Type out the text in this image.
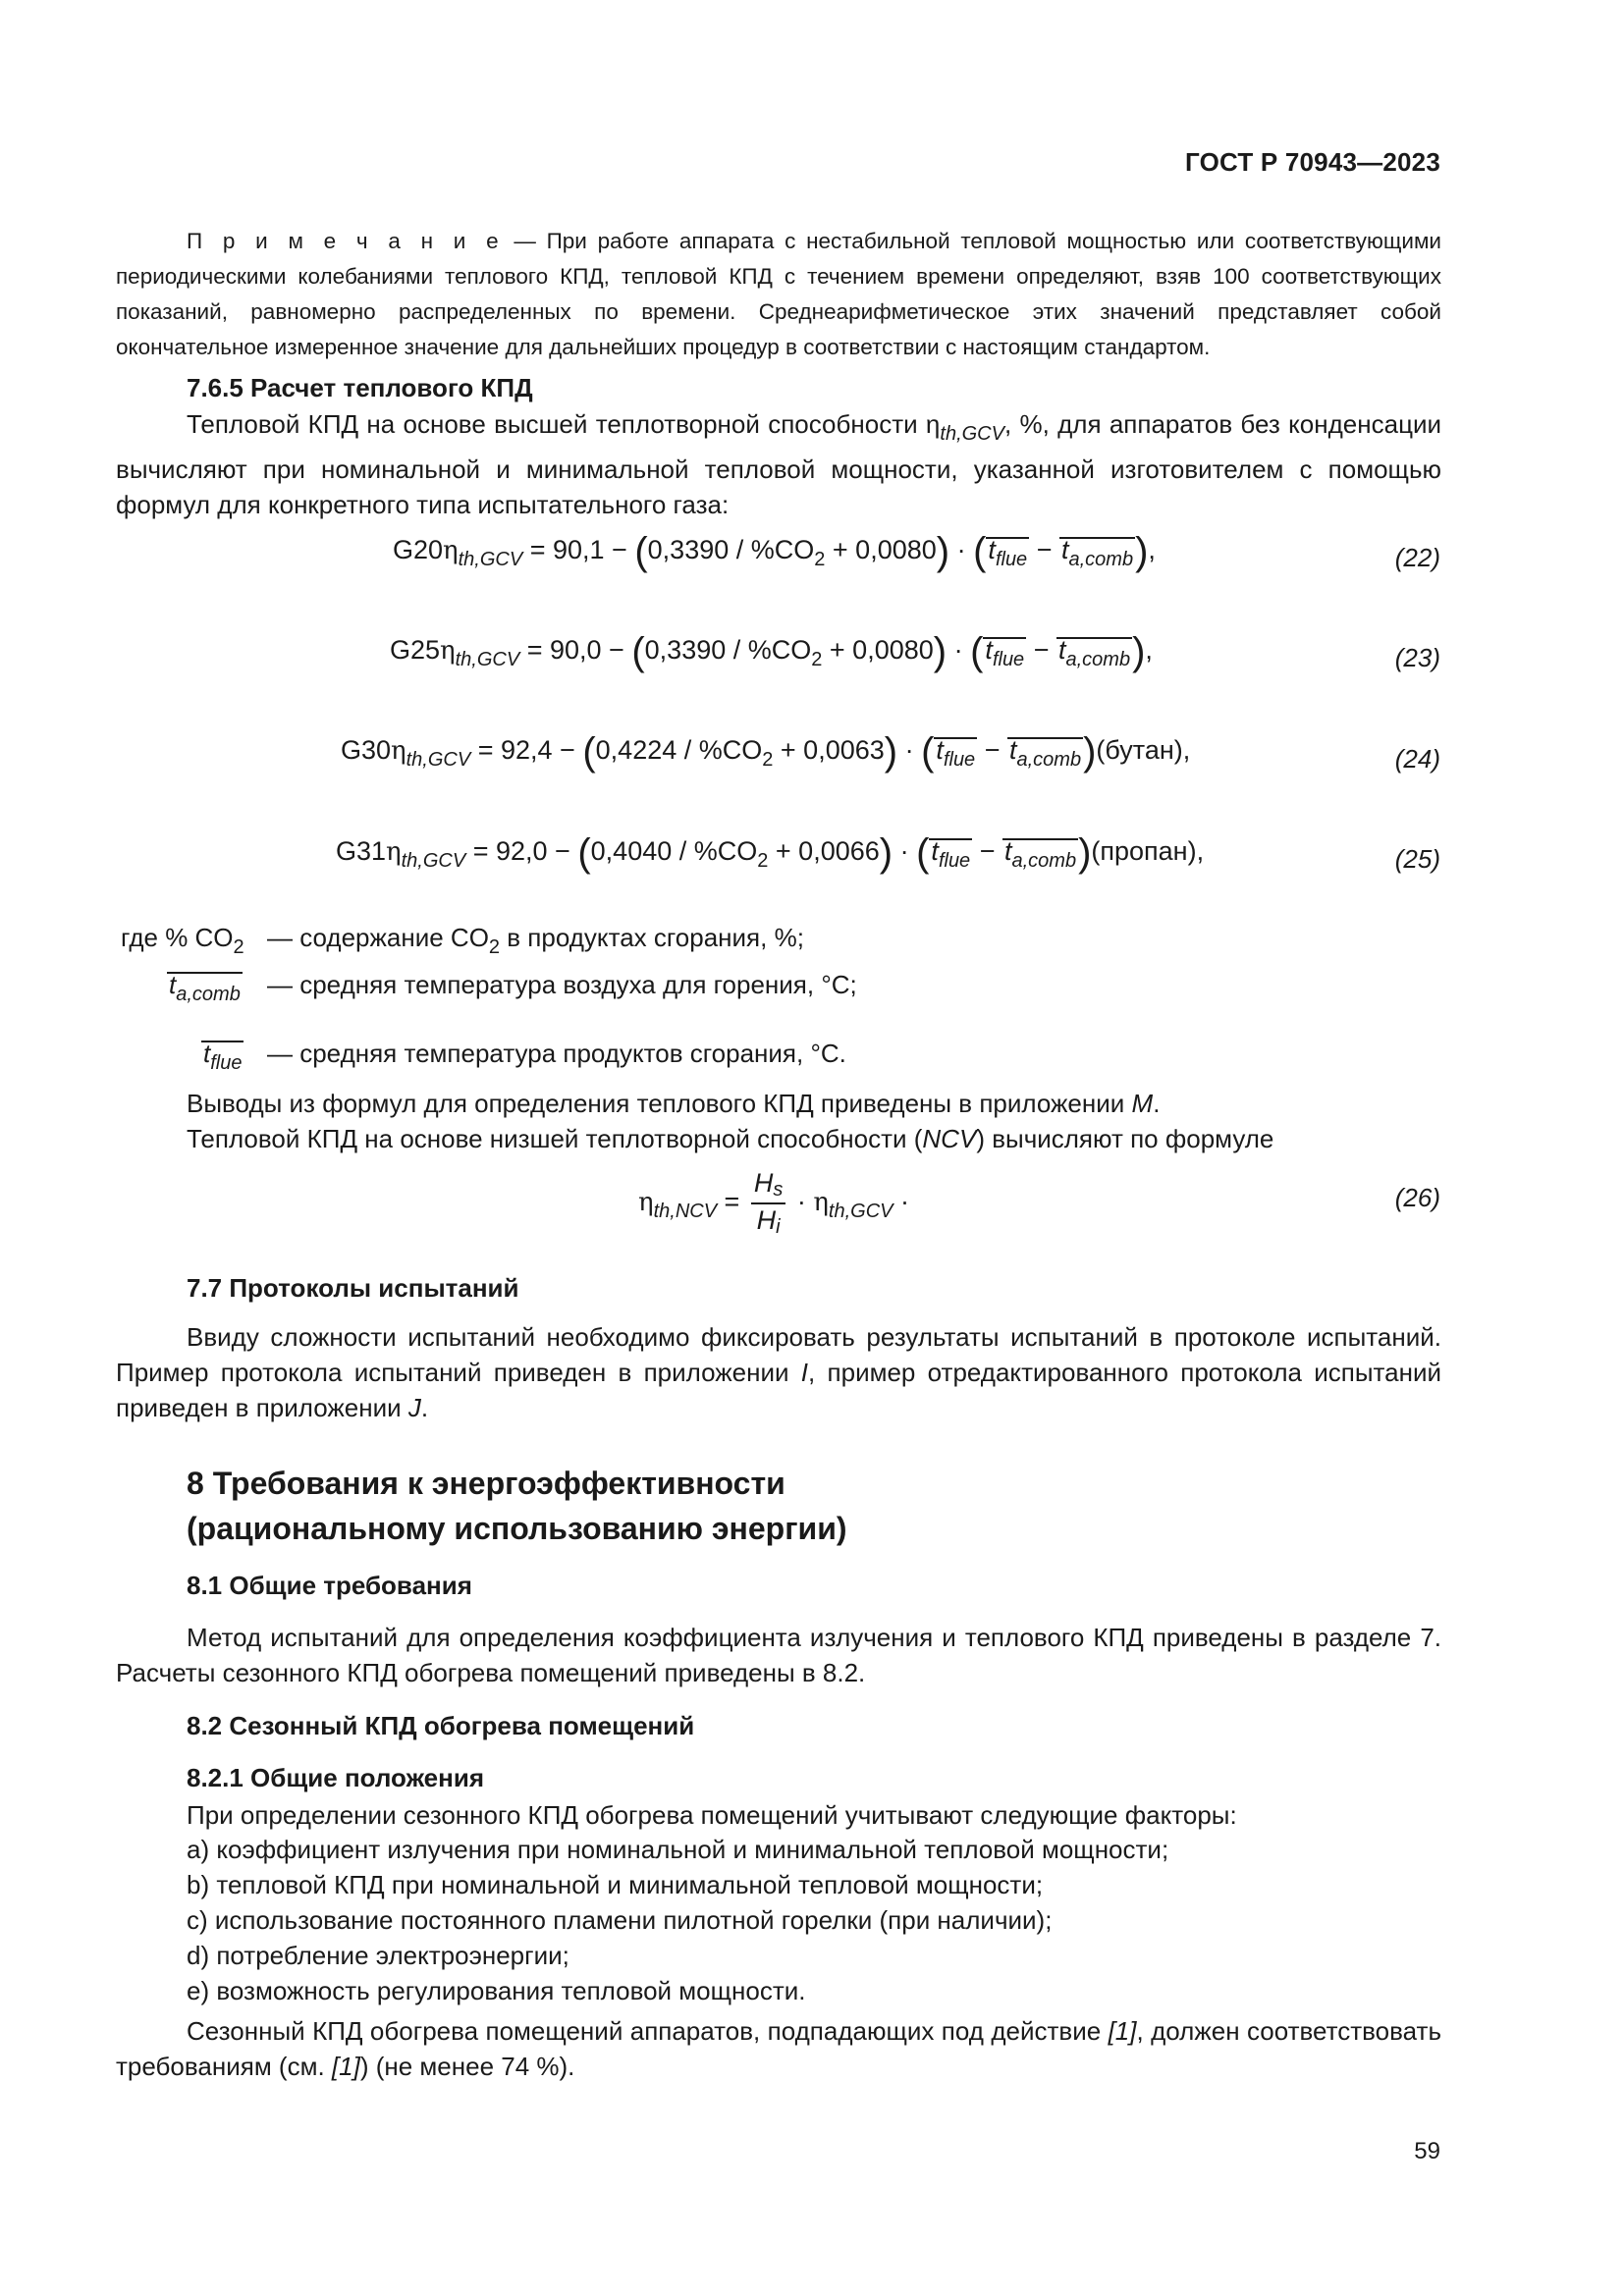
ГОСТ Р 70943—2023
П р и м е ч а н и е — При работе аппарата с нестабильной тепловой мощностью или соответствующими периодическими колебаниями теплового КПД, тепловой КПД с течением времени определяют, взяв 100 соответствующих показаний, равномерно распределенных по времени. Среднеарифметическое этих значений представляет собой окончательное измеренное значение для дальнейших процедур в соответствии с настоящим стандартом.
7.6.5 Расчет теплового КПД
Тепловой КПД на основе высшей теплотворной способности $\eta_{th,GCV}$, %, для аппаратов без конденсации вычисляют при номинальной и минимальной тепловой мощности, указанной изготовителем с помощью формул для конкретного типа испытательного газа:
$G20\eta_{th,GCV} = 90,1 - (0,3390 / \%CO_2 + 0,0080) \cdot (t_{flue} - t_{a,comb})$,	(22)
$G25\eta_{th,GCV} = 90,0 - (0,3390 / \%CO_2 + 0,0080) \cdot (t_{flue} - t_{a,comb})$,	(23)
$G30\eta_{th,GCV} = 92,4 - (0,4224 / \%CO_2 + 0,0063) \cdot (t_{flue}$ − $t_{a,comb})(бутан)$,	(24)
$G31\eta_{th,GCV} = 92,0 - (0,4040 / \%CO_2 + 0,0066) \cdot (t_{flue}$ − $t_{a,comb})(пропан)$,	(25)
где % $CO_2$ — содержание $CO_2$ в продуктах сгорания, %;
$t_{a,comb}$ — средняя температура воздуха для горения, °С;
$t_{flue}$ — средняя температура продуктов сгорания, °С.
Выводы из формул для определения теплового КПД приведены в приложении М.
Тепловой КПД на основе низшей теплотворной способности (NCV) вычисляют по формуле
$\eta_{th,NCV} = \frac{H_s}{H_i} \cdot \eta_{th,GCV}$ ·	(26)
7.7 Протоколы испытаний
Ввиду сложности испытаний необходимо фиксировать результаты испытаний в протоколе испытаний. Пример протокола испытаний приведен в приложении I, пример отредактированного протокола испытаний приведен в приложении J.
8 Требования к энергоэффективности
(рациональному использованию энергии)
8.1 Общие требования
Метод испытаний для определения коэффициента излучения и теплового КПД приведены в разделе 7. Расчеты сезонного КПД обогрева помещений приведены в 8.2.
8.2 Сезонный КПД обогрева помещений
8.2.1 Общие положения
При определении сезонного КПД обогрева помещений учитывают следующие факторы:
a) коэффициент излучения при номинальной и минимальной тепловой мощности;
b) тепловой КПД при номинальной и минимальной тепловой мощности;
c) использование постоянного пламени пилотной горелки (при наличии);
d) потребление электроэнергии;
e) возможность регулирования тепловой мощности.
Сезонный КПД обогрева помещений аппаратов, подпадающих под действие [1], должен соответствовать требованиям (см. [1]) (не менее 74 %).
59
